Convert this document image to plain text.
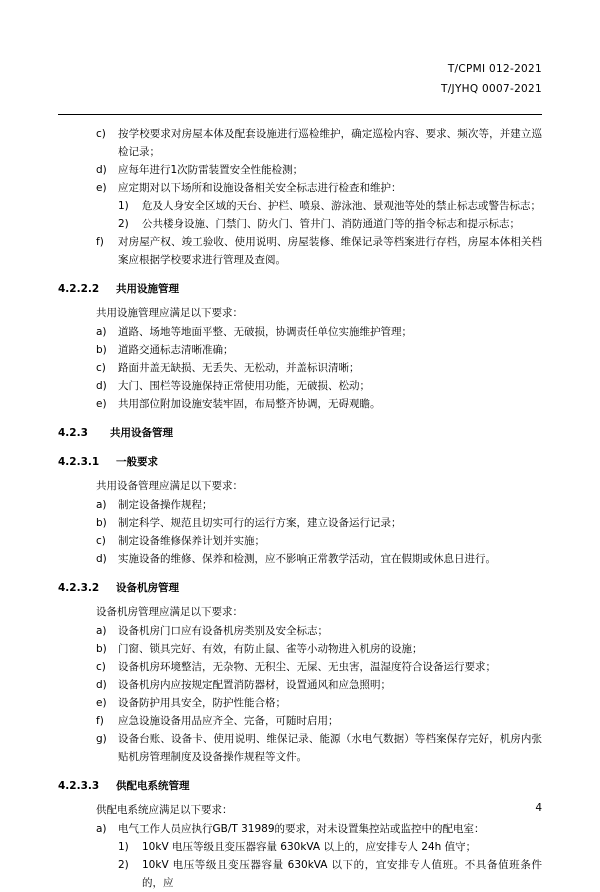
T/CPMI 012-2021
T/JYHQ 0007-2021
c)	按学校要求对房屋本体及配套设施进行巡检维护，确定巡检内容、要求、频次等，并建立巡检记录；
d)	应每年进行1次防雷装置安全性能检测；
e)	应定期对以下场所和设施设备相关安全标志进行检查和维护：
1)	危及人身安全区域的天台、护栏、喷泉、游泳池、景观池等处的禁止标志或警告标志；
2)	公共楼身设施、门禁门、防火门、管井门、消防通道门等的指令标志和提示标志；
f)	对房屋产权、竣工验收、使用说明、房屋装修、维保记录等档案进行存档，房屋本体相关档案应根据学校要求进行管理及查阅。
4.2.2.2 共用设施管理

共用设施管理应满足以下要求：

a)	道路、场地等地面平整、无破损，协调责任单位实施维护管理；
b)	道路交通标志清晰准确；
c)	路面井盖无缺损、无丢失、无松动，并盖标识清晰；
d)	大门、围栏等设施保持正常使用功能，无破损、松动；
e)	共用部位附加设施安装牢固，布局整齐协调，无碍观瞻。
4.2.3 共用设备管理
4.2.3.1 一般要求

共用设备管理应满足以下要求：

a)	制定设备操作规程；
b)	制定科学、规范且切实可行的运行方案，建立设备运行记录；
c)	制定设备维修保养计划并实施；
d)	实施设备的维修、保养和检测，应不影响正常教学活动，宜在假期或休息日进行。
4.2.3.2 设备机房管理

设备机房管理应满足以下要求：

a)	设备机房门口应有设备机房类别及安全标志；
b)	门窗、锁具完好、有效，有防止鼠、雀等小动物进入机房的设施；
c)	设备机房环境整洁，无杂物、无积尘、无屎、无虫害，温湿度符合设备运行要求；
d)	设备机房内应按规定配置消防器材，设置通风和应急照明；
e)	设备防护用具安全，防护性能合格；
f)	应急设施设备用品应齐全、完备，可随时启用；
g)	设备台账、设备卡、使用说明、维保记录、能源（水电气数据）等档案保存完好，机房内张贴机房管理制度及设备操作规程等文件。
4.2.3.3 供配电系统管理

供配电系统应满足以下要求：

a)	电气工作人员应执行GB/T 31989的要求，对未设置集控站或监控中的配电室：
1)	10kV 电压等级且变压器容量 630kVA 以上的，应安排专人 24h 值守；
2)	10kV 电压等级且变压器容量 630kVA 以下的，宜安排专人值班。不具备值班条件的，应
4
